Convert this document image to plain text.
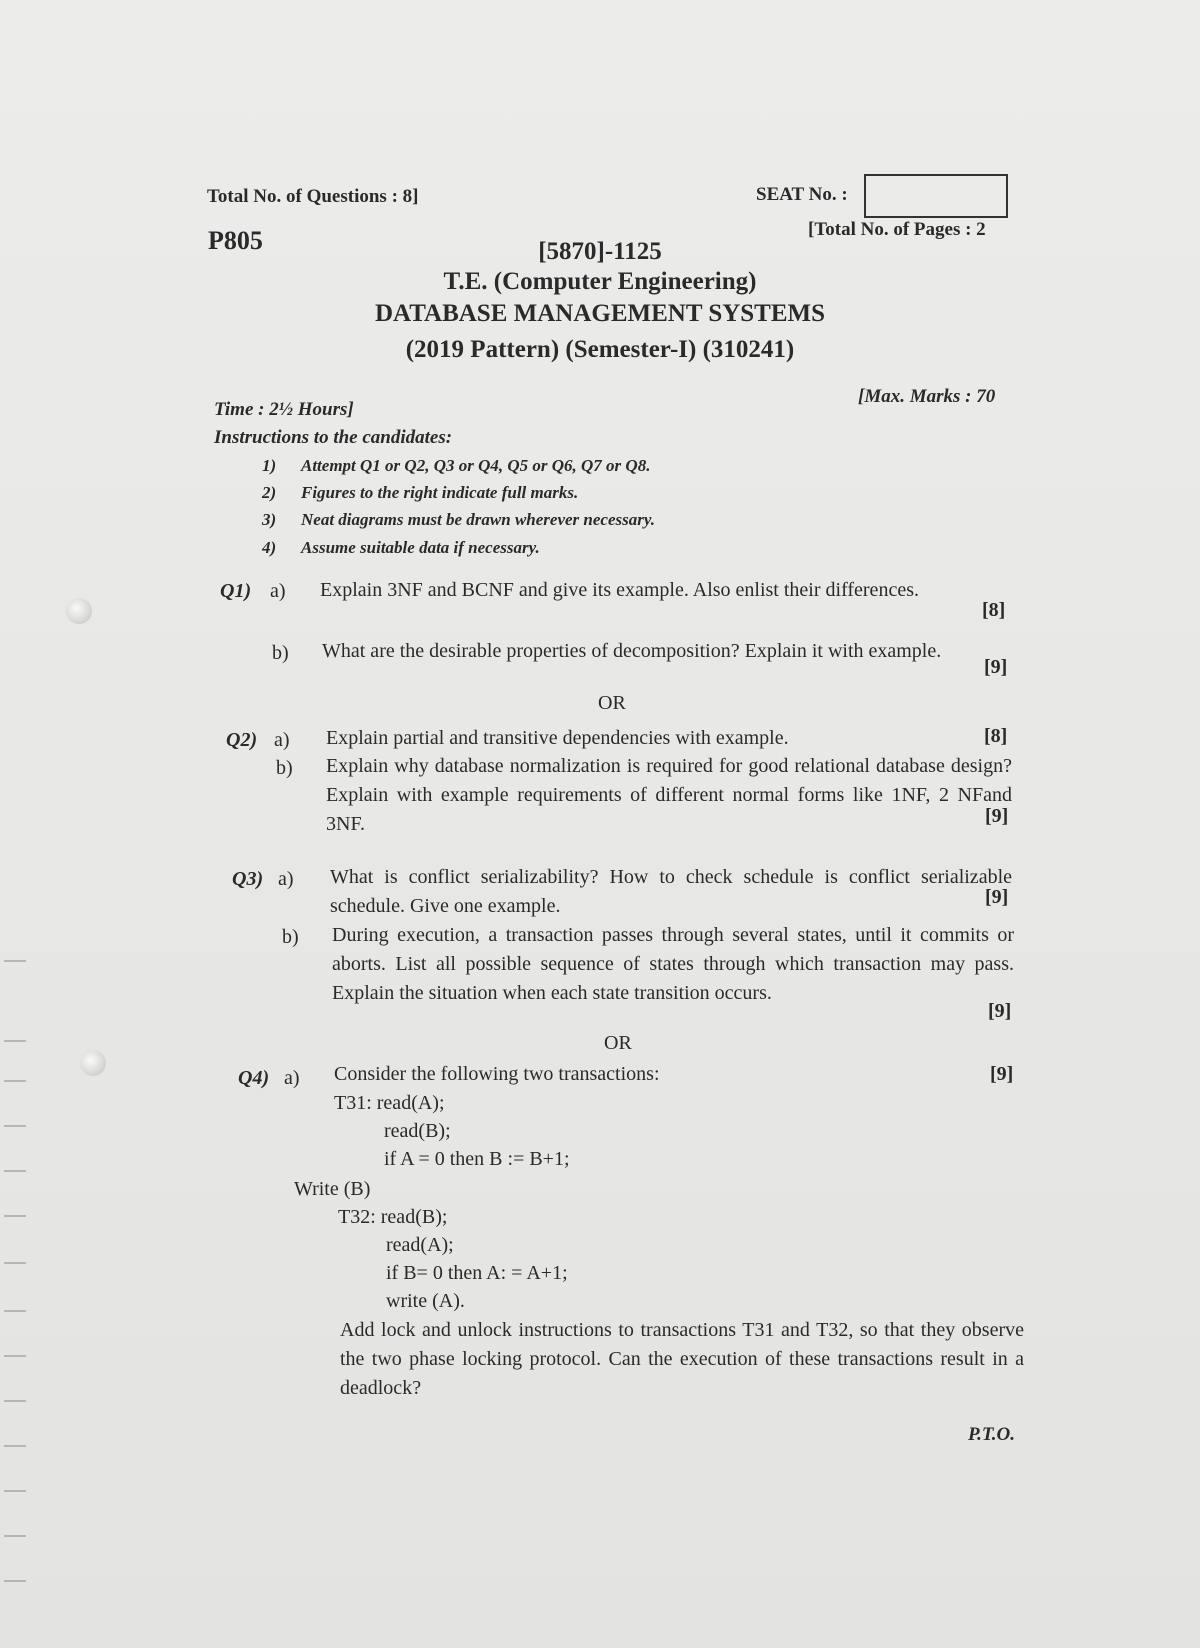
Total No. of Questions : 8]	SEAT No. :
P805	[Total No. of Pages : 2
[5870]-1125
T.E. (Computer Engineering)
DATABASE MANAGEMENT SYSTEMS
(2019 Pattern) (Semester-I) (310241)
Time : 2½ Hours]
[Max. Marks : 70
Instructions to the candidates:
1) Attempt Q1 or Q2, Q3 or Q4, Q5 or Q6, Q7 or Q8.
2) Figures to the right indicate full marks.
3) Neat diagrams must be drawn wherever necessary.
4) Assume suitable data if necessary.
Q1) a) Explain 3NF and BCNF and give its example. Also enlist their differences.
[8]
b) What are the desirable properties of decomposition? Explain it with example.
[9]
OR
Q2) a) Explain partial and transitive dependencies with example.	[8]
b) Explain why database normalization is required for good relational database design? Explain with example requirements of different normal forms like 1NF, 2 NFand 3NF.	[9]
Q3) a) What is conflict serializability? How to check schedule is conflict serializable schedule. Give one example.	[9]
b) During execution, a transaction passes through several states, until it commits or aborts. List all possible sequence of states through which transaction may pass. Explain the situation when each state transition occurs.
[9]
OR
Q4) a) Consider the following two transactions:	[9]
T31: read(A);
read(B);
if A = 0 then B := B+1;
Write (B)
T32: read(B);
read(A);
if B= 0 then A: = A+1;
write (A).
Add lock and unlock instructions to transactions T31 and T32, so that they observe the two phase locking protocol. Can the execution of these transactions result in a deadlock?
P.T.O.
